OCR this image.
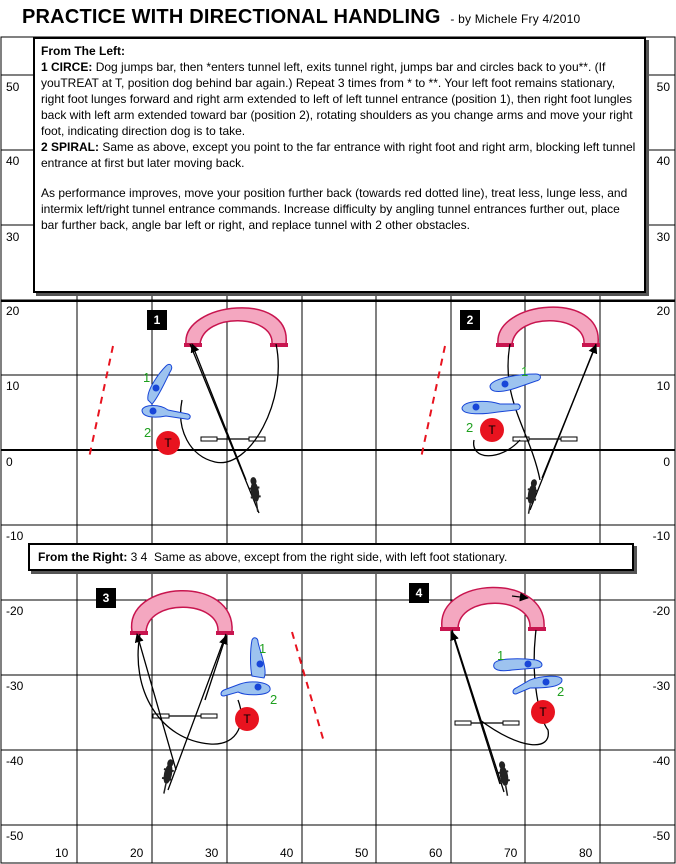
PRACTICE WITH DIRECTIONAL HANDLING - by Michele Fry 4/2010
50
40
30
20
10
0
-10
-20
-30
-40
-50
50
40
30
20
10
0
-10
-20
-30
-40
-50
10	20	30	40	50	60	70	80
1	2
3	4
T
T
T	T
1
2
1
2
1
2
1
2

From The Left:

1 CIRCE: Dog jumps bar, then *enters tunnel left, exits tunnel right, jumps bar and circles back to you**. (If youTREAT at T, position dog behind bar again.) Repeat 3 times from * to **. Your left foot remains stationary, right foot lunges forward and right arm extended to left of left tunnel entrance (position 1), then right foot lungles back with left arm extended toward bar (position 2), rotating shoulders as you change arms and move your right foot, indicating direction dog is to take.

2 SPIRAL: Same as above, except you point to the far entrance with right foot and right arm, blocking left tunnel entrance at first but later moving back.

As performance improves, move your position further back (towards red dotted line), treat less, lunge less, and intermix left/right tunnel entrance commands. Increase difficulty by angling tunnel entrances further out, place bar further back, angle bar left or right, and replace tunnel with 2 other obstacles.

From the Right: 3 4 Same as above, except from the right side, with left foot stationary.
